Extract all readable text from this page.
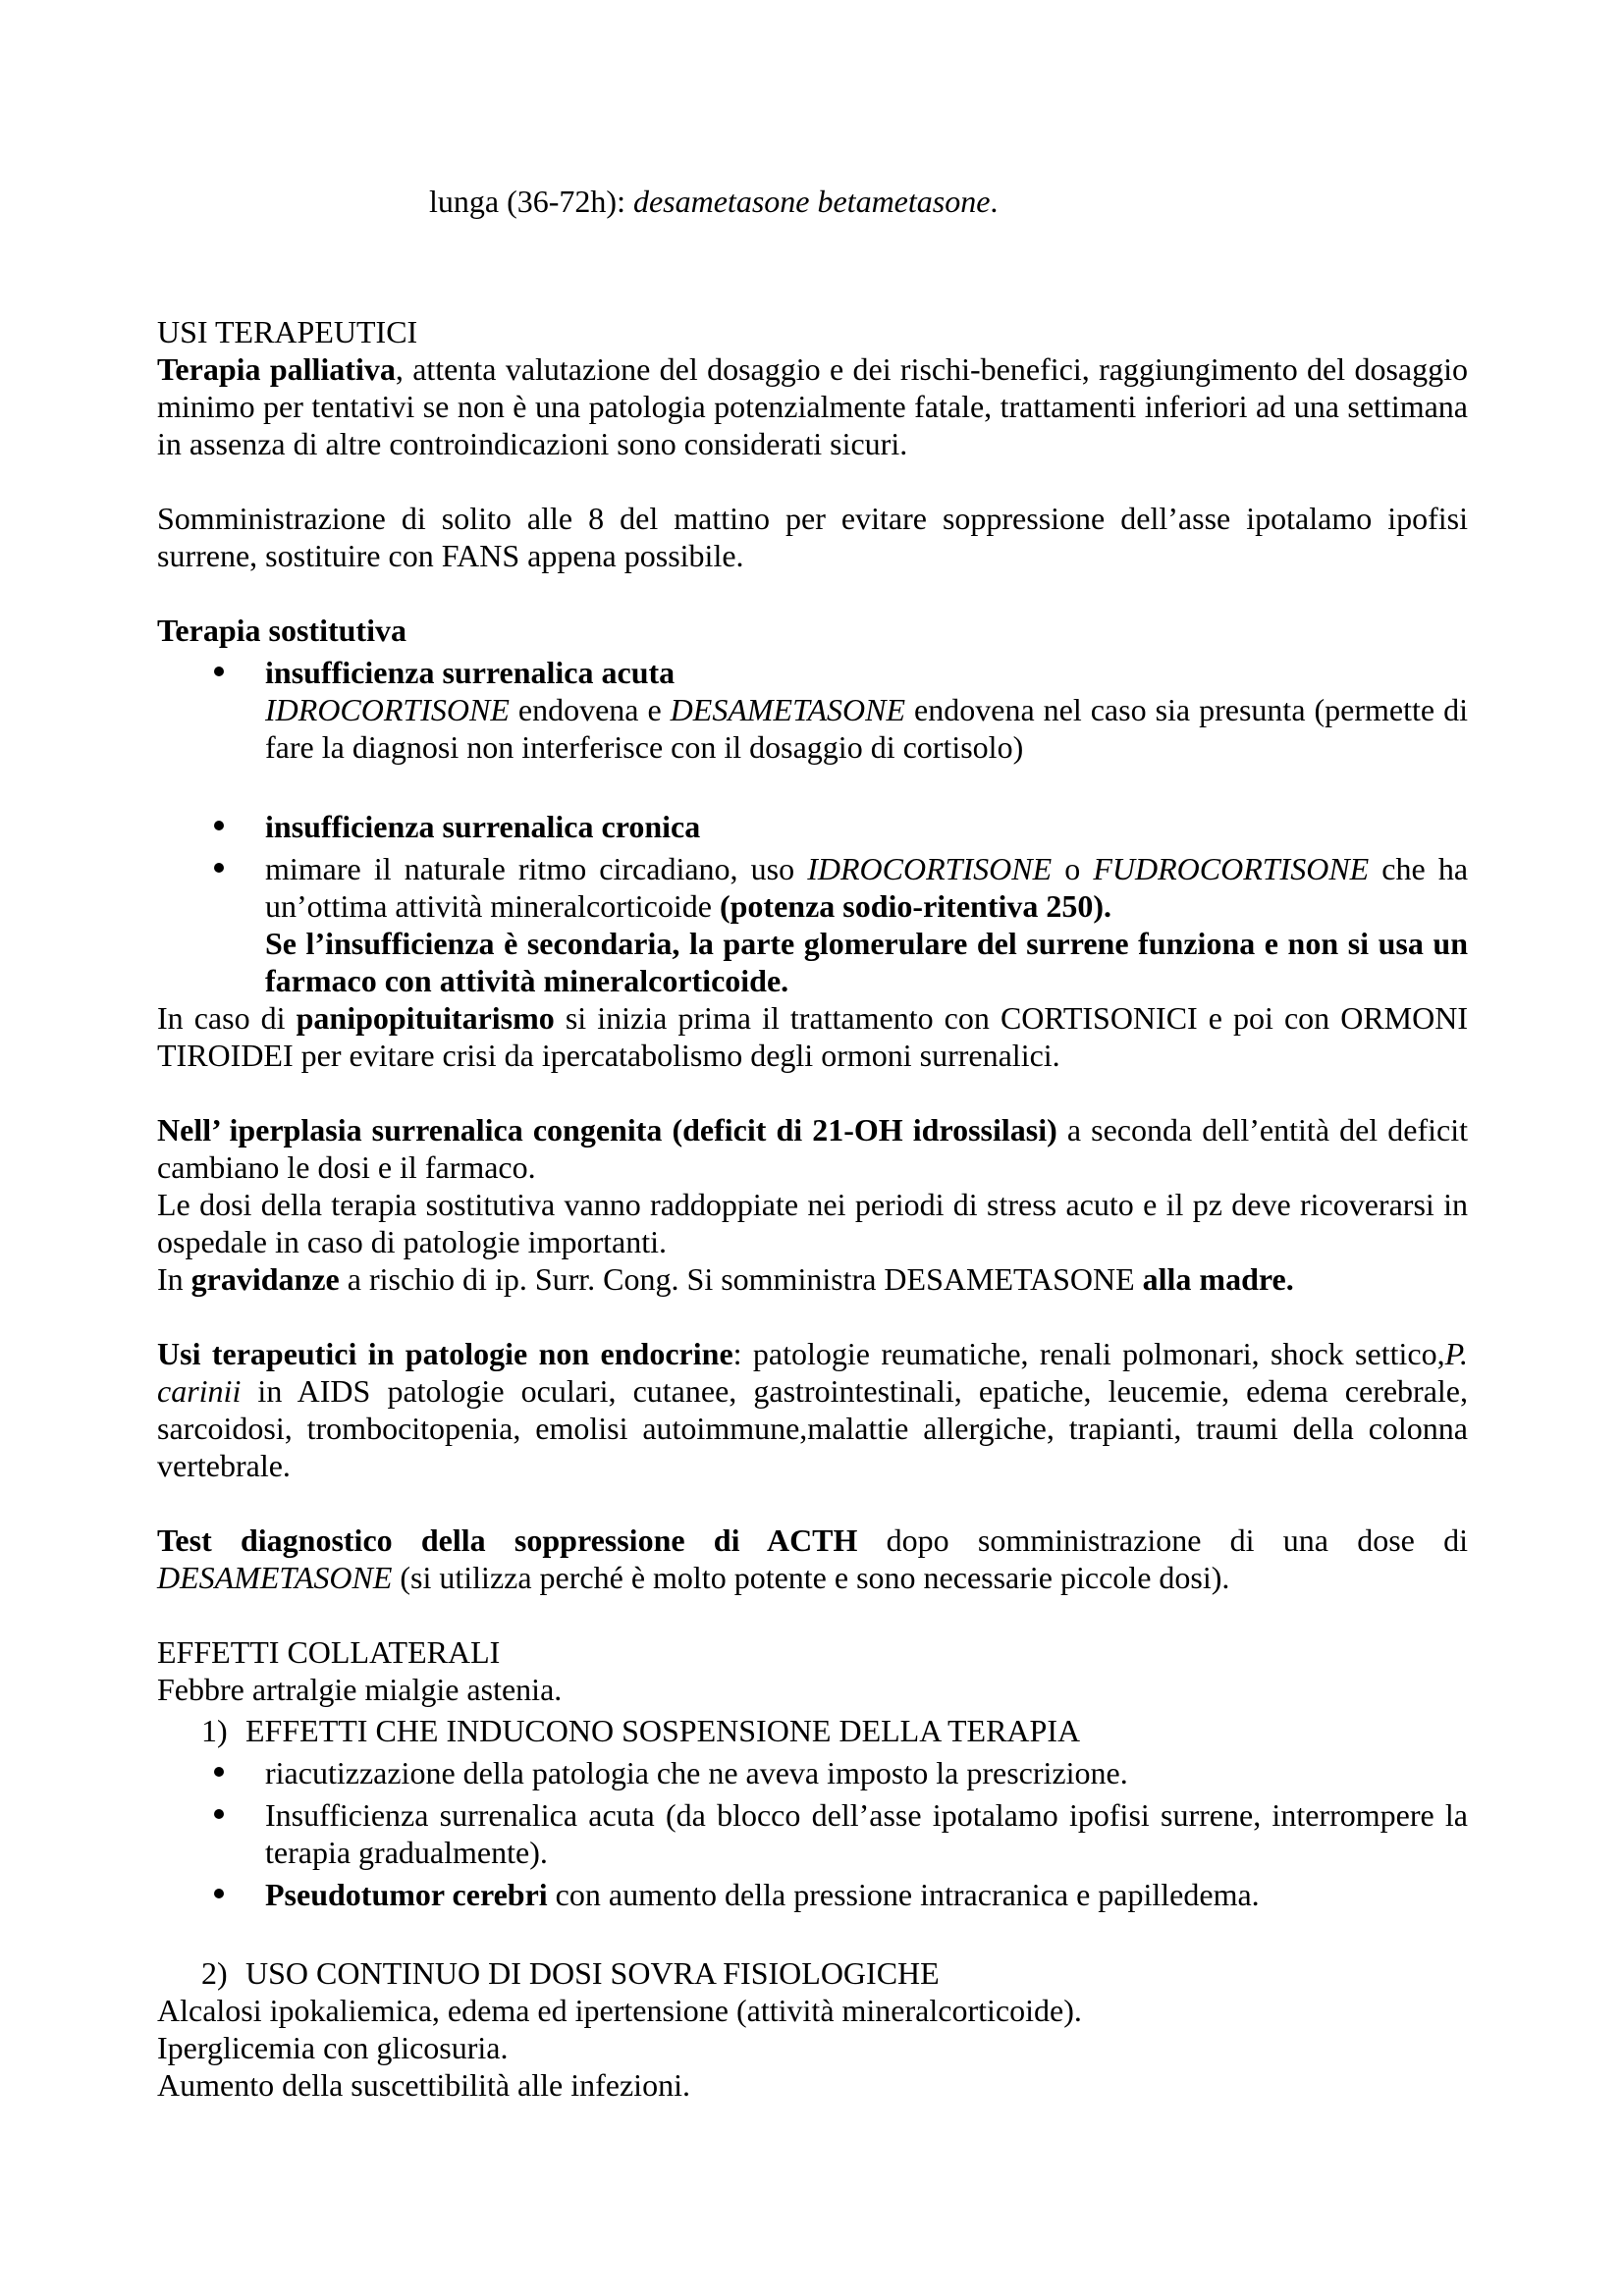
lunga (36-72h): desametasone betametasone.
USI TERAPEUTICI
Terapia palliativa, attenta valutazione del dosaggio e dei rischi-benefici, raggiungimento del dosaggio minimo per tentativi se non è una patologia potenzialmente fatale, trattamenti inferiori ad una settimana in assenza di altre controindicazioni sono considerati sicuri.
Somministrazione di solito alle 8 del mattino per evitare soppressione dell’asse ipotalamo ipofisi surrene, sostituire con FANS appena possibile.
Terapia sostitutiva
insufficienza surrenalica acuta
IDROCORTISONE endovena e DESAMETASONE endovena nel caso sia presunta (permette di fare la diagnosi non interferisce con il dosaggio di cortisolo)
insufficienza surrenalica cronica
mimare il naturale ritmo circadiano, uso IDROCORTISONE o FUDROCORTISONE che ha un’ottima attività mineralcorticoide (potenza sodio-ritentiva 250).
Se l’insufficienza è secondaria, la parte glomerulare del surrene funziona e non si usa un farmaco con attività mineralcorticoide.
In caso di panipopituitarismo si inizia prima il trattamento con CORTISONICI e poi con ORMONI TIROIDEI per evitare crisi da ipercatabolismo degli ormoni surrenalici.
Nell’ iperplasia surrenalica congenita (deficit di 21-OH idrossilasi) a seconda dell’entità del deficit cambiano le dosi e il farmaco.
Le dosi della terapia sostitutiva vanno raddoppiate nei periodi di stress acuto e il pz deve ricoverarsi in ospedale in caso di patologie importanti.
In gravidanze a rischio di ip. Surr. Cong. Si somministra DESAMETASONE alla madre.
Usi terapeutici in patologie non endocrine: patologie reumatiche, renali polmonari, shock settico,P. carinii in AIDS patologie oculari, cutanee, gastrointestinali, epatiche, leucemie, edema cerebrale, sarcoidosi, trombocitopenia, emolisi autoimmune,malattie allergiche, trapianti, traumi della colonna vertebrale.
Test diagnostico della soppressione di ACTH dopo somministrazione di una dose di DESAMETASONE (si utilizza perché è molto potente e sono necessarie piccole dosi).
EFFETTI COLLATERALI
Febbre artralgie mialgie astenia.
1) EFFETTI CHE INDUCONO SOSPENSIONE DELLA TERAPIA
riacutizzazione della patologia che ne aveva imposto la prescrizione.
Insufficienza surrenalica acuta (da blocco dell’asse ipotalamo ipofisi surrene, interrompere la terapia gradualmente).
Pseudotumor cerebri con aumento della pressione intracranica e papilledema.
2) USO CONTINUO DI DOSI SOVRA FISIOLOGICHE
Alcalosi ipokaliemica, edema ed ipertensione (attività mineralcorticoide).
Iperglicemia con glicosuria.
Aumento della suscettibilità alle infezioni.
